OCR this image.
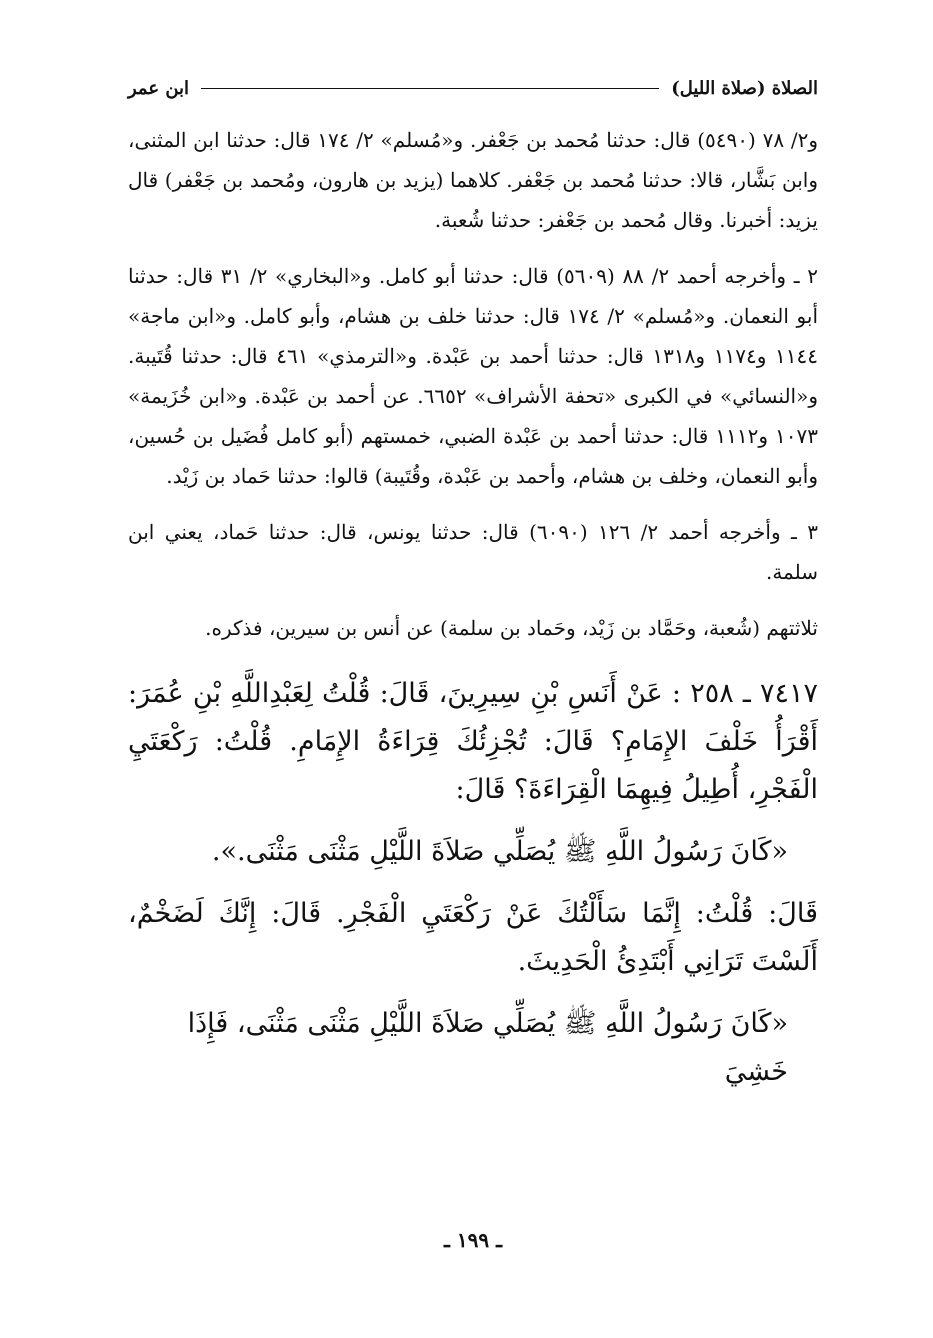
الصلاة (صلاة الليل)
ابن عمر

و٢/ ٧٨ (٥٤٩٠) قال: حدثنا مُحمد بن جَعْفر. و«مُسلم» ٢/ ١٧٤ قال: حدثنا ابن المثنى، وابن بَشَّار، قالا: حدثنا مُحمد بن جَعْفر. كلاهما (يزيد بن هارون، ومُحمد بن جَعْفر) قال يزيد: أخبرنا. وقال مُحمد بن جَعْفر: حدثنا شُعبة.

٢ ـ وأخرجه أحمد ٢/ ٨٨ (٥٦٠٩) قال: حدثنا أبو كامل. و«البخاري» ٢/ ٣١ قال: حدثنا أبو النعمان. و«مُسلم» ٢/ ١٧٤ قال: حدثنا خلف بن هشام، وأبو كامل. و«ابن ماجة» ١١٤٤ و١١٧٤ و١٣١٨ قال: حدثنا أحمد بن عَبْدة. و«الترمذي» ٤٦١ قال: حدثنا قُتَيبة. و«النسائي» في الكبرى «تحفة الأشراف» ٦٦٥٢. عن أحمد بن عَبْدة. و«ابن خُزَيمة» ١٠٧٣ و١١١٢ قال: حدثنا أحمد بن عَبْدة الضبي، خمستهم (أبو كامل فُضَيل بن حُسين، وأبو النعمان، وخلف بن هشام، وأحمد بن عَبْدة، وقُتَيبة) قالوا: حدثنا حَماد بن زَيْد.

٣ ـ وأخرجه أحمد ٢/ ١٢٦ (٦٠٩٠) قال: حدثنا يونس، قال: حدثنا حَماد، يعني ابن سلمة.

ثلاثتهم (شُعبة، وحَمَّاد بن زَيْد، وحَماد بن سلمة) عن أنس بن سيرين، فذكره.

٧٤١٧ ـ ٢٥٨ : عَنْ أَنَسِ بْنِ سِيرِينَ، قَالَ: قُلْتُ لِعَبْدِاللَّهِ بْنِ عُمَرَ: أَقْرَأُ خَلْفَ الإِمَامِ؟ قَالَ: تُجْزِئُكَ قِرَاءَةُ الإِمَامِ. قُلْتُ: رَكْعَتَيِ الْفَجْرِ، أُطِيلُ فِيهِمَا الْقِرَاءَةَ؟ قَالَ:

«كَانَ رَسُولُ اللَّهِ ﷺ يُصَلِّي صَلاَةَ اللَّيْلِ مَثْنَى مَثْنَى.».

قَالَ: قُلْتُ: إِنَّمَا سَأَلْتُكَ عَنْ رَكْعَتَيِ الْفَجْرِ. قَالَ: إِنَّكَ لَضَخْمٌ، أَلَسْتَ تَرَانِي أَبْتَدِئُ الْحَدِيثَ.

«كَانَ رَسُولُ اللَّهِ ﷺ يُصَلِّي صَلاَةَ اللَّيْلِ مَثْنَى مَثْنَى، فَإِذَا خَشِيَ

ـ ١٩٩ ـ
